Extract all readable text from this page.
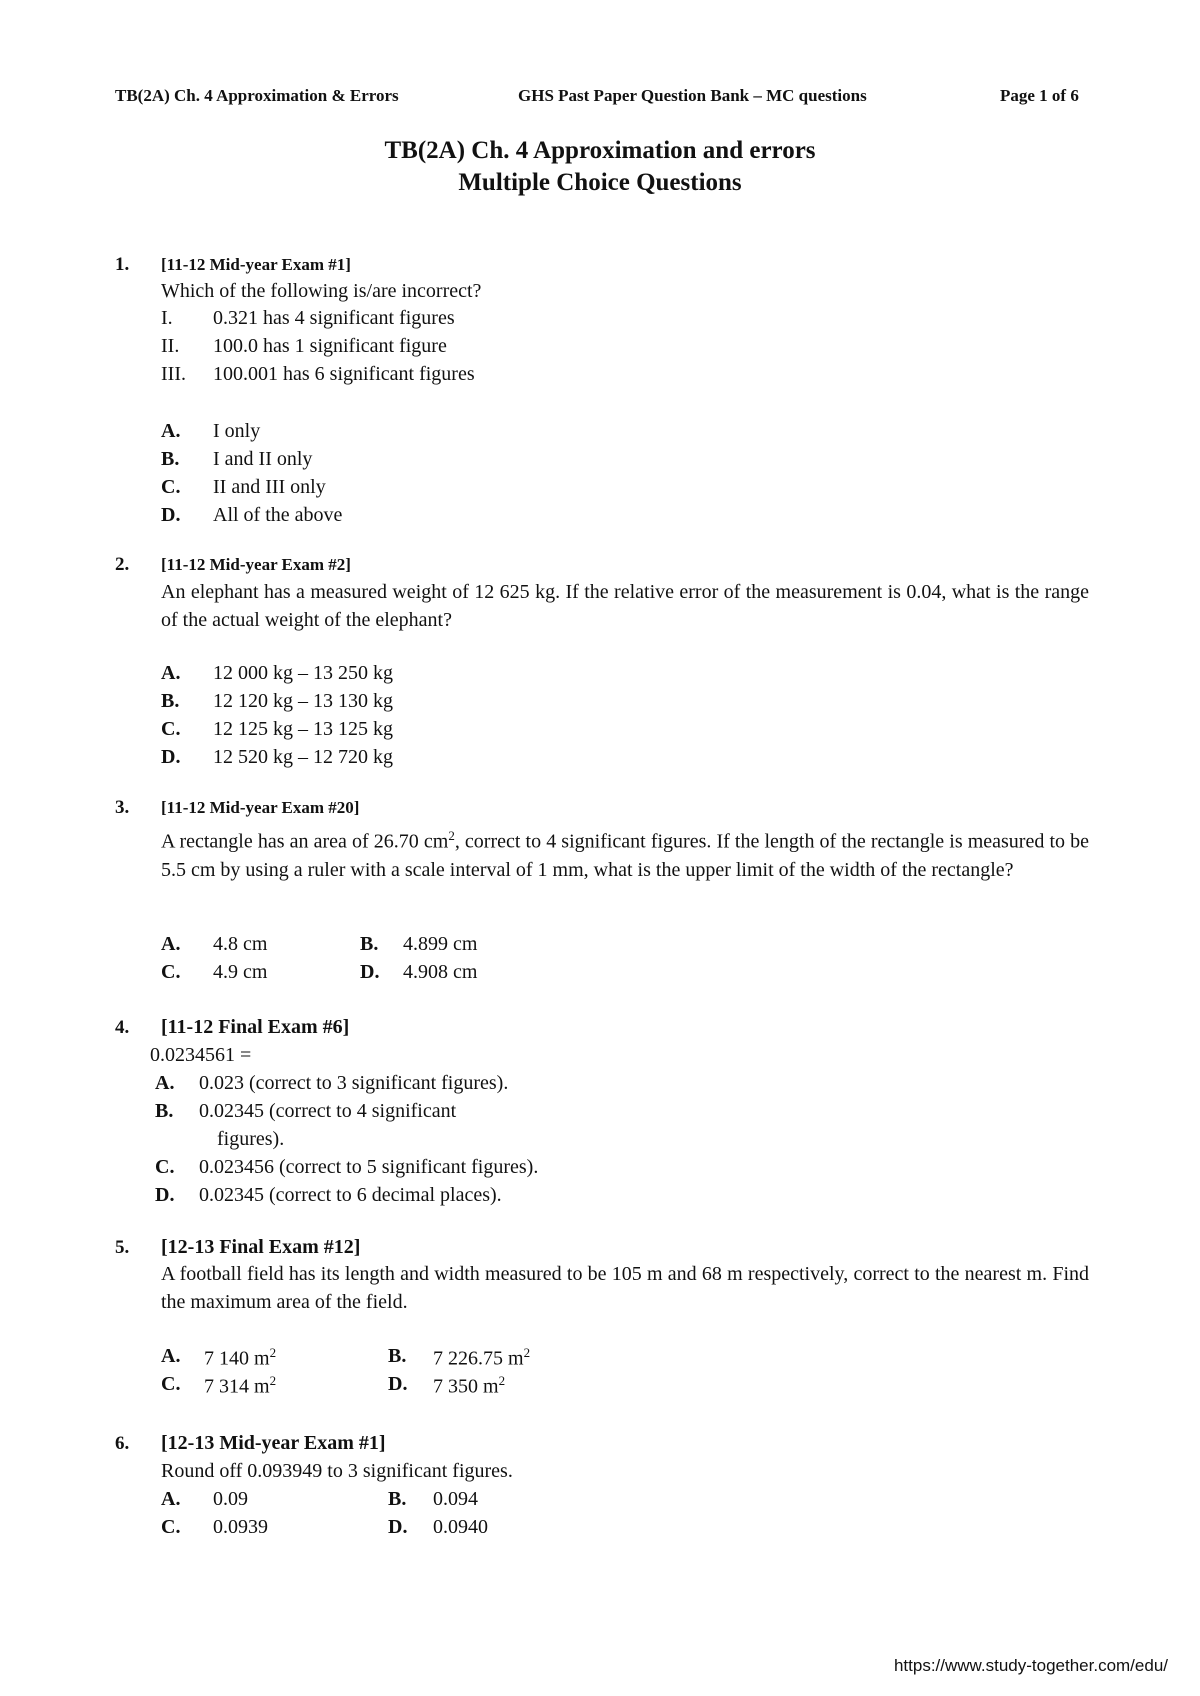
TB(2A) Ch. 4 Approximation & Errors	GHS Past Paper Question Bank – MC questions	Page 1 of 6
TB(2A) Ch. 4 Approximation and errors
Multiple Choice Questions
1. [11-12 Mid-year Exam #1]
Which of the following is/are incorrect?
I. 0.321 has 4 significant figures
II. 100.0 has 1 significant figure
III. 100.001 has 6 significant figures
A. I only
B. I and II only
C. II and III only
D. All of the above
2. [11-12 Mid-year Exam #2]
An elephant has a measured weight of 12 625 kg. If the relative error of the measurement is 0.04, what is the range of the actual weight of the elephant?
A. 12 000 kg – 13 250 kg
B. 12 120 kg – 13 130 kg
C. 12 125 kg – 13 125 kg
D. 12 520 kg – 12 720 kg
3. [11-12 Mid-year Exam #20]
A rectangle has an area of 26.70 $cm^2$, correct to 4 significant figures. If the length of the rectangle is measured to be 5.5 cm by using a ruler with a scale interval of 1 mm, what is the upper limit of the width of the rectangle?
A. 4.8 cm	B. 4.899 cm
C. 4.9 cm	D. 4.908 cm
4. [11-12 Final Exam #6]
0.0234561 =
A. 0.023 (correct to 3 significant figures).
B. 0.02345 (correct to 4 significant
figures).
C. 0.023456 (correct to 5 significant figures).
D. 0.02345 (correct to 6 decimal places).
5. [12-13 Final Exam #12]
A football field has its length and width measured to be 105 m and 68 m respectively, correct to the nearest m. Find the maximum area of the field.
A. 7 140 $m^2$	B. 7 226.75 $m^2$
C. 7 314 $m^2$	D. 7 350 $m^2$
6. [12-13 Mid-year Exam #1]
Round off 0.093949 to 3 significant figures.
A. 0.09	B. 0.094
C. 0.0939	D. 0.0940
https://www.study-together.com/edu/
